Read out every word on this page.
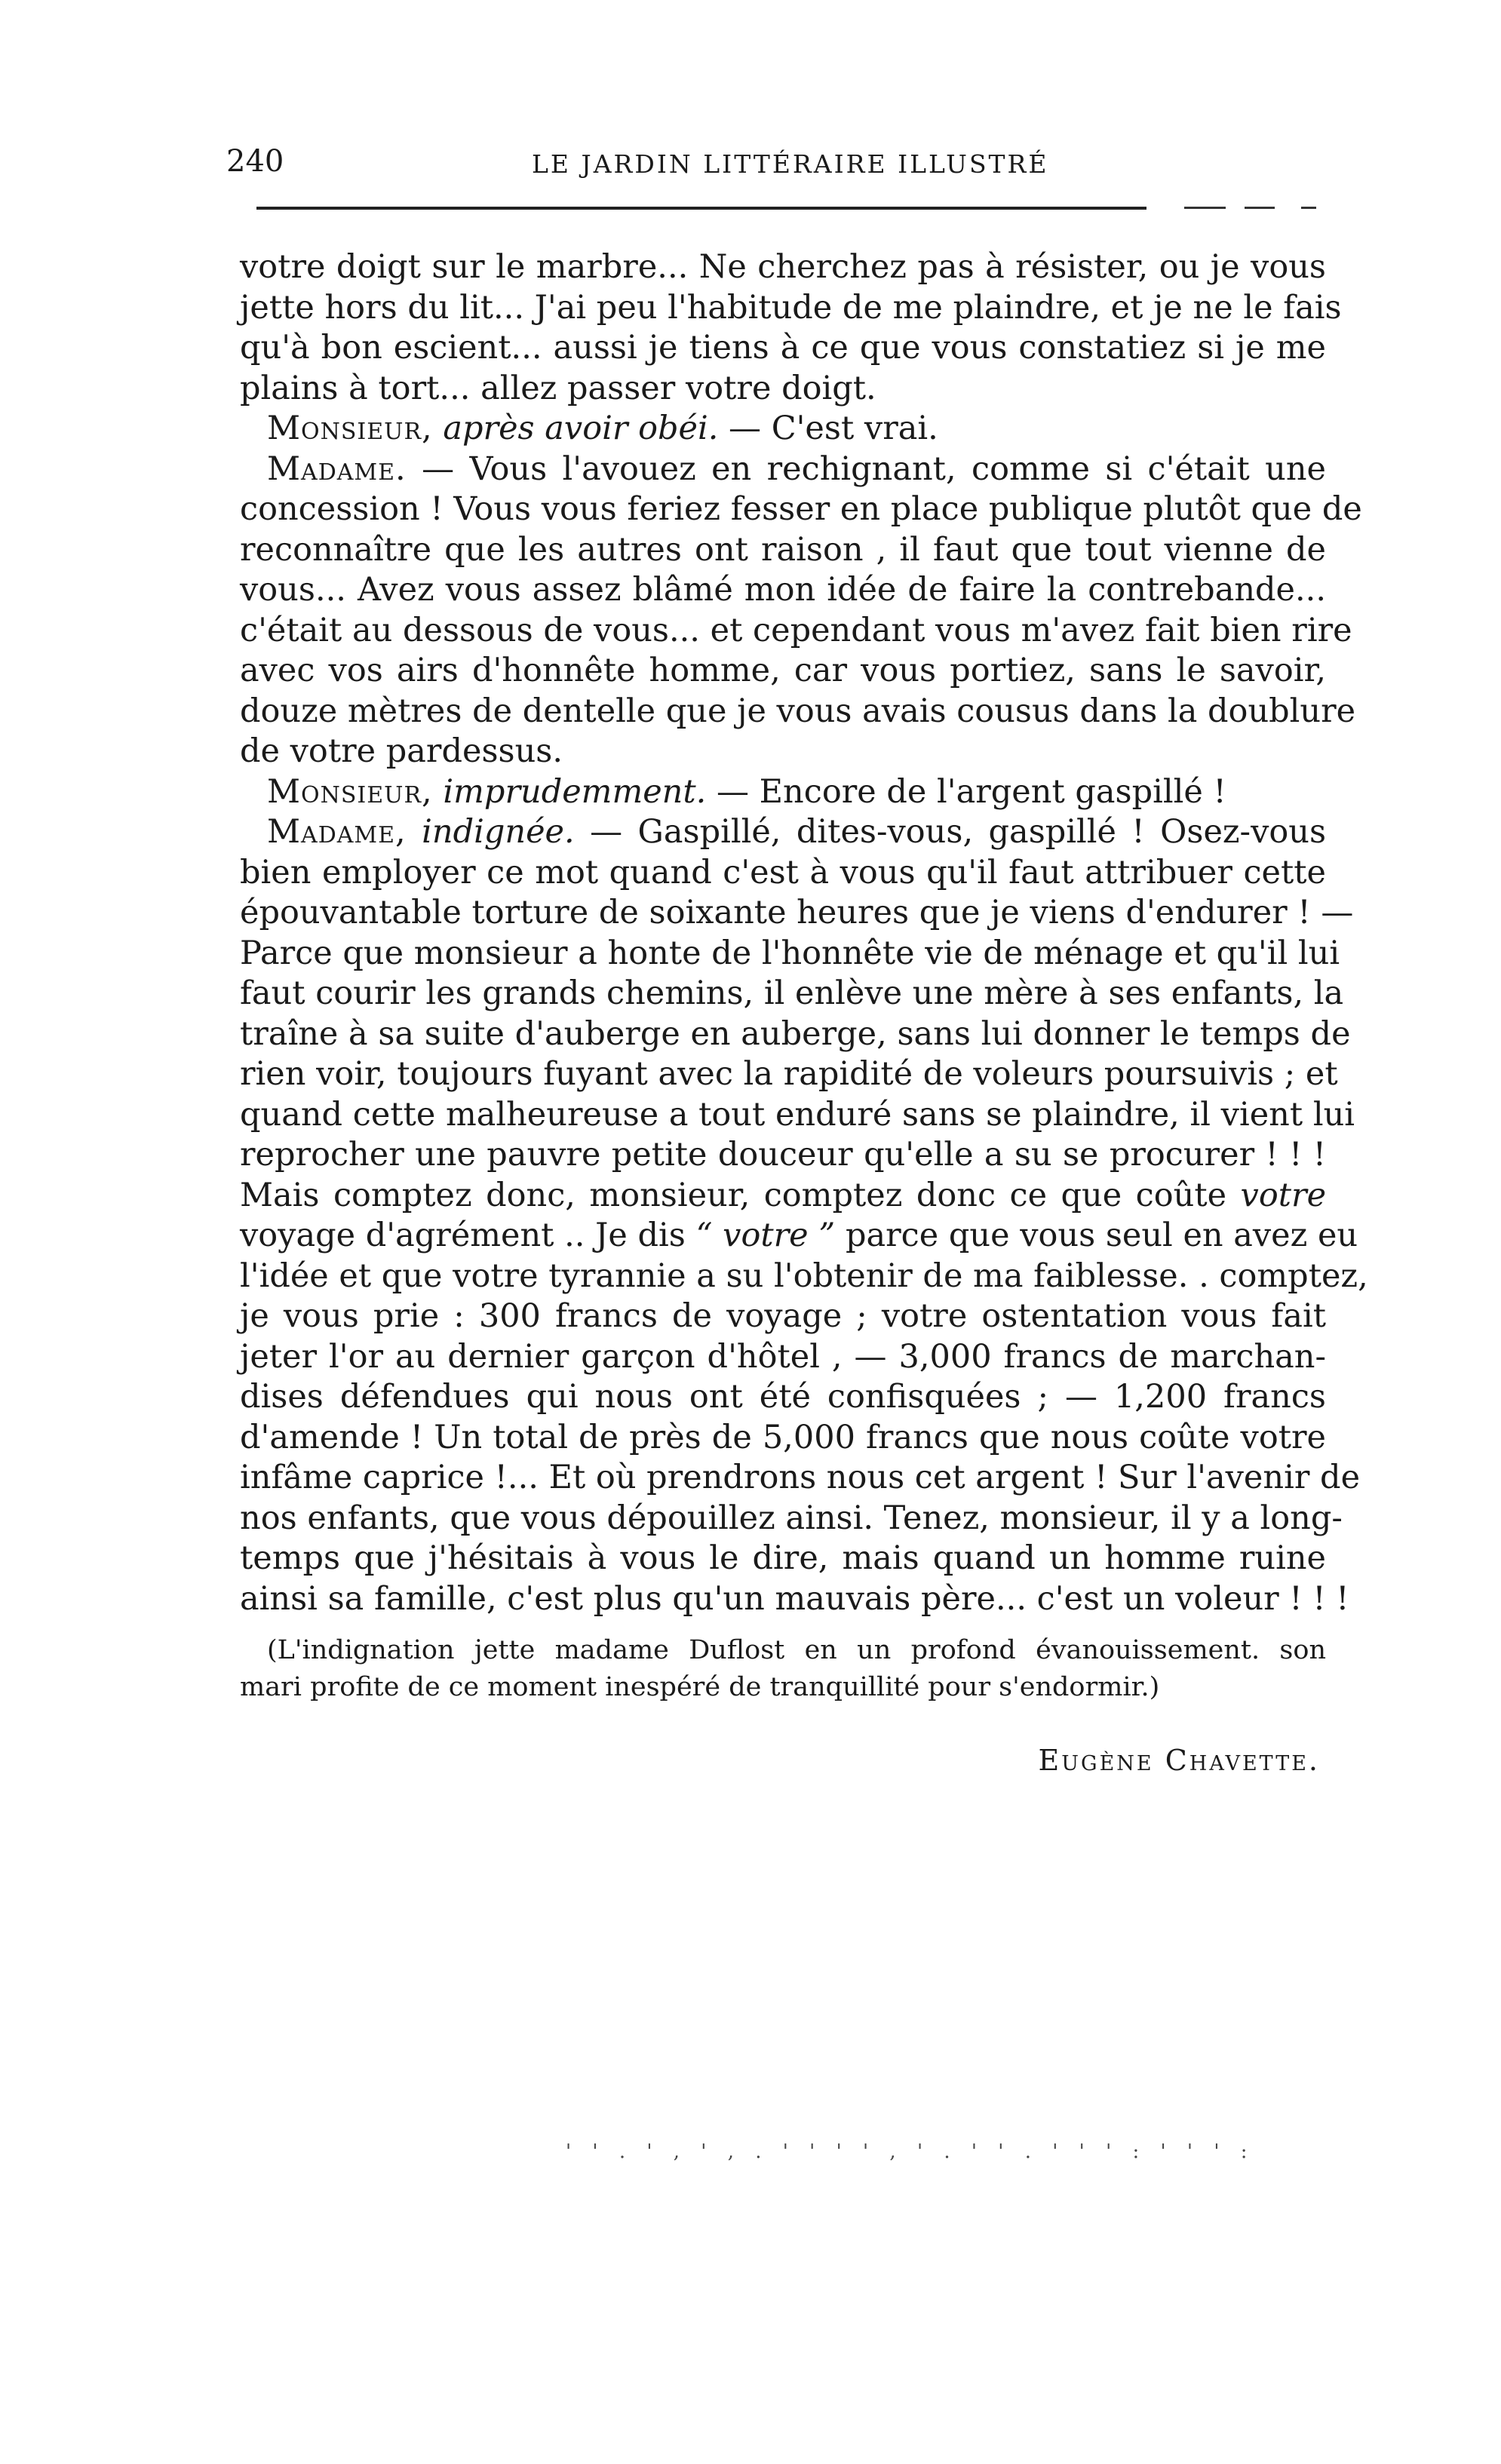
240	LE JARDIN LITTÉRAIRE ILLUSTRÉ
votre doigt sur le marbre... Ne cherchez pas à résister, ou je vous
jette hors du lit... J'ai peu l'habitude de me plaindre, et je ne le fais
qu'à bon escient... aussi je tiens à ce que vous constatiez si je me
plains à tort... allez passer votre doigt.
Monsieur, après avoir obéi. — C'est vrai.
Madame. — Vous l'avouez en rechignant, comme si c'était une
concession ! Vous vous feriez fesser en place publique plutôt que de
reconnaître que les autres ont raison , il faut que tout vienne de
vous... Avez vous assez blâmé mon idée de faire la contrebande...
c'était au dessous de vous... et cependant vous m'avez fait bien rire
avec vos airs d'honnête homme, car vous portiez, sans le savoir,
douze mètres de dentelle que je vous avais cousus dans la doublure
de votre pardessus.
Monsieur, imprudemment. — Encore de l'argent gaspillé !
Madame, indignée. — Gaspillé, dites-vous, gaspillé ! Osez-vous
bien employer ce mot quand c'est à vous qu'il faut attribuer cette
épouvantable torture de soixante heures que je viens d'endurer ! —
Parce que monsieur a honte de l'honnête vie de ménage et qu'il lui
faut courir les grands chemins, il enlève une mère à ses enfants, la
traîne à sa suite d'auberge en auberge, sans lui donner le temps de
rien voir, toujours fuyant avec la rapidité de voleurs poursuivis ; et
quand cette malheureuse a tout enduré sans se plaindre, il vient lui
reprocher une pauvre petite douceur qu'elle a su se procurer ! ! !
Mais comptez donc, monsieur, comptez donc ce que coûte votre
voyage d'agrément .. Je dis “ votre ” parce que vous seul en avez eu
l'idée et que votre tyrannie a su l'obtenir de ma faiblesse. . comptez,
je vous prie : 300 francs de voyage ; votre ostentation vous fait
jeter l'or au dernier garçon d'hôtel , — 3,000 francs de marchan-
dises défendues qui nous ont été confisquées ; — 1,200 francs
d'amende ! Un total de près de 5,000 francs que nous coûte votre
infâme caprice !... Et où prendrons nous cet argent ! Sur l'avenir de
nos enfants, que vous dépouillez ainsi. Tenez, monsieur, il y a long-
temps que j'hésitais à vous le dire, mais quand un homme ruine
ainsi sa famille, c'est plus qu'un mauvais père... c'est un voleur ! ! !
(L'indignation jette madame Duflost en un profond évanouissement. son
mari profite de ce moment inespéré de tranquillité pour s'endormir.)
Eugène Chavette.
' ' . ' , ' , . ' ' ' ' , ' . ' ' . ' ' ' : ' ' ' :
